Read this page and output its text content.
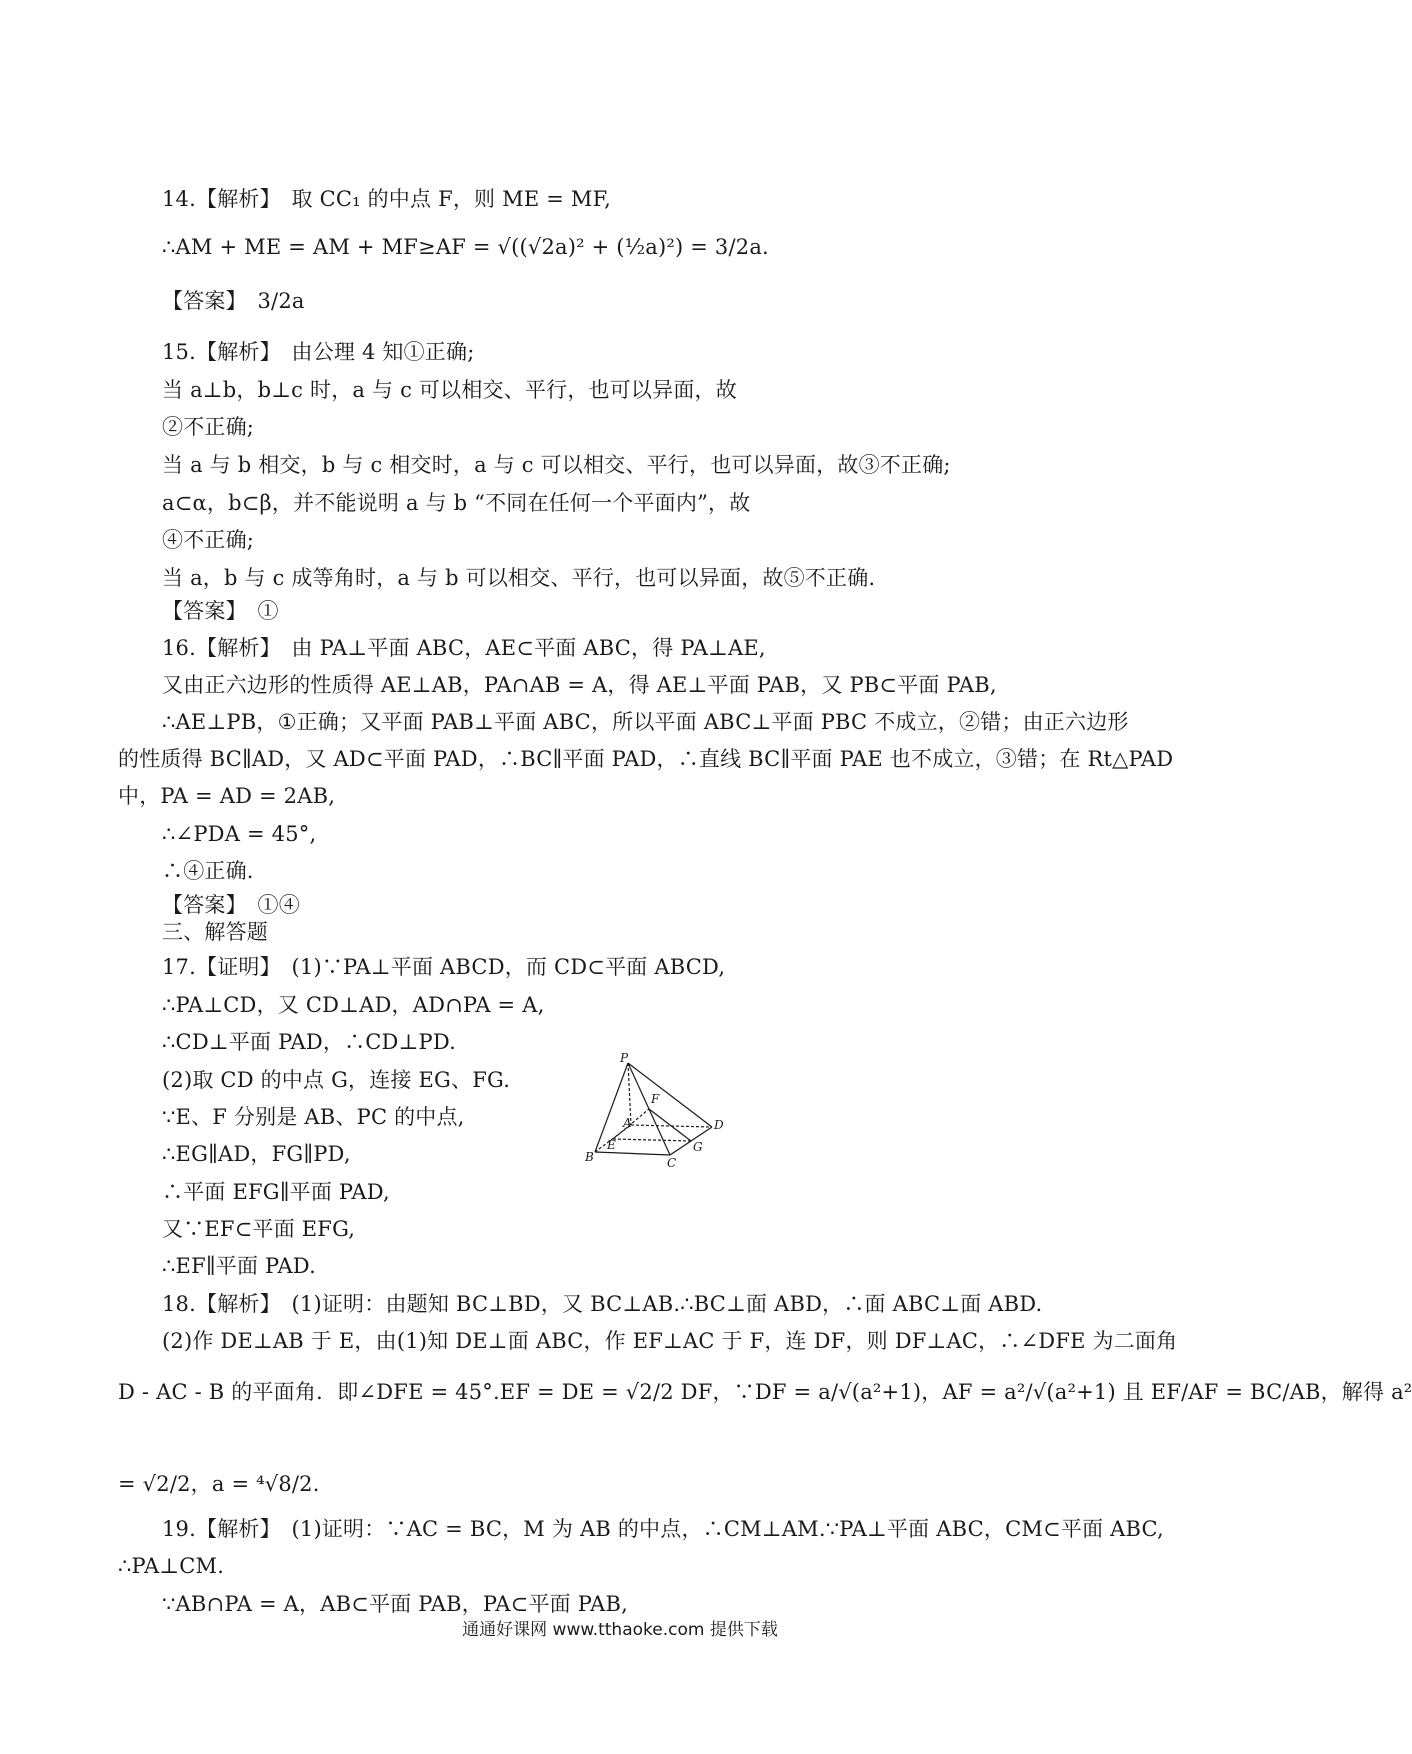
14.【解析】　取 CC₁ 的中点 F，则 ME = MF,
∴AM + ME = AM + MF≥AF = √((√2a)² + (½a)²) = 3/2a.
【答案】　3/2a
15.【解析】　由公理 4 知①正确;
当 a⊥b，b⊥c 时，a 与 c 可以相交、平行，也可以异面，故
②不正确;
当 a 与 b 相交，b 与 c 相交时，a 与 c 可以相交、平行，也可以异面，故③不正确;
a⊂α，b⊂β，并不能说明 a 与 b “不同在任何一个平面内”，故
④不正确;
当 a，b 与 c 成等角时，a 与 b 可以相交、平行，也可以异面，故⑤不正确.
【答案】　①
16.【解析】　由 PA⊥平面 ABC，AE⊂平面 ABC，得 PA⊥AE,
又由正六边形的性质得 AE⊥AB，PA∩AB = A，得 AE⊥平面 PAB，又 PB⊂平面 PAB,
∴AE⊥PB，①正确；又平面 PAB⊥平面 ABC，所以平面 ABC⊥平面 PBC 不成立，②错；由正六边形
的性质得 BC∥AD，又 AD⊂平面 PAD，∴BC∥平面 PAD，∴直线 BC∥平面 PAE 也不成立，③错；在 Rt△PAD
中，PA = AD = 2AB,
∴∠PDA = 45°,
∴④正确.
【答案】　①④
三、解答题
17.【证明】　(1)∵PA⊥平面 ABCD，而 CD⊂平面 ABCD,
∴PA⊥CD，又 CD⊥AD，AD∩PA = A,
∴CD⊥平面 PAD，∴CD⊥PD.
(2)取 CD 的中点 G，连接 EG、FG.
∵E、F 分别是 AB、PC 的中点,
∴EG∥AD，FG∥PD,
∴平面 EFG∥平面 PAD,
又∵EF⊂平面 EFG,
∴EF∥平面 PAD.
18.【解析】　(1)证明：由题知 BC⊥BD，又 BC⊥AB.∴BC⊥面 ABD，∴面 ABC⊥面 ABD.
(2)作 DE⊥AB 于 E，由(1)知 DE⊥面 ABC，作 EF⊥AC 于 F，连 DF，则 DF⊥AC，∴∠DFE 为二面角
D - AC - B 的平面角．即∠DFE = 45°.EF = DE = √2/2 DF，∵DF = a/√(a²+1)，AF = a²/√(a²+1) 且 EF/AF = BC/AB，解得 a²
= √2/2，a = ⁴√8/2.
19.【解析】　(1)证明：∵AC = BC，M 为 AB 的中点，∴CM⊥AM.∵PA⊥平面 ABC，CM⊂平面 ABC,
∴PA⊥CM.
∵AB∩PA = A，AB⊂平面 PAB，PA⊂平面 PAB,
P
A
F
D
B
E	G
C
通通好课网 www.tthaoke.com 提供下载
